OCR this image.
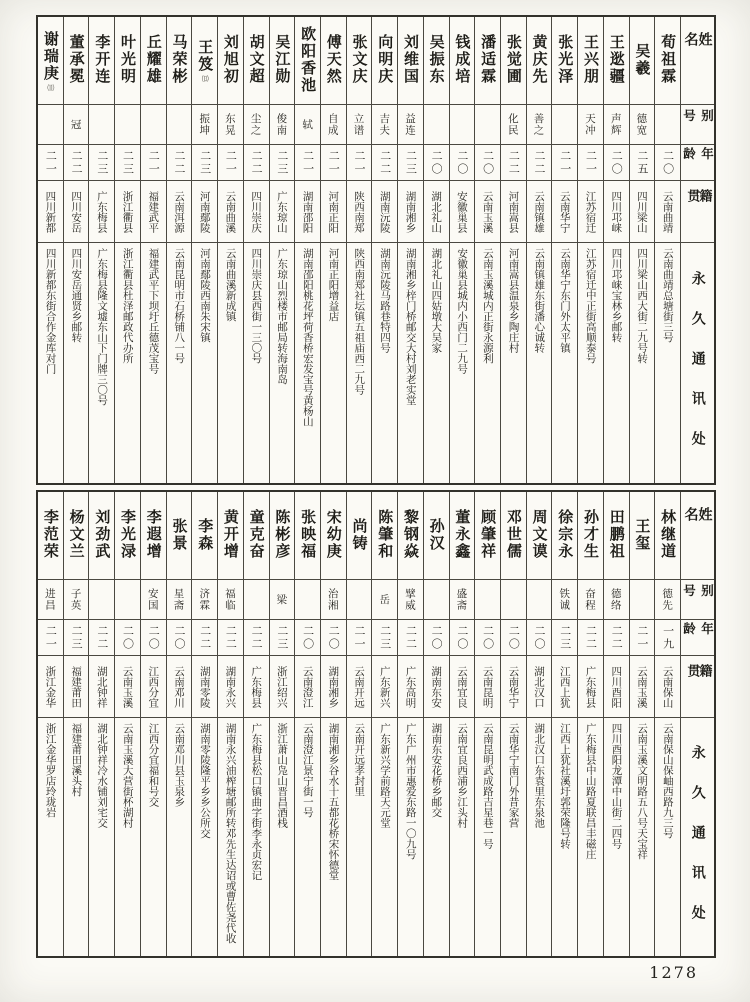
姓名
别号
年龄
籍贯
永久通讯处
荀祖霖
二〇
云南曲靖
云南曲靖总塘街三号
吴羲
德宽
二五
四川梁山
四川梁山西大街二九号转
王逖疆
声辉
二〇
四川邛崃
四川邛崃宝林乡邮转
王兴朋
天冲
二一
江苏宿迁
江苏宿迁中正街高顺泰号
张光泽
二一
云南华宁
云南华宁东门外太平镇
黄庆先
善之
二二
云南镇雄
云南镇雄东街潘心诚转
张觉圃
化民
二二
河南嵩县
河南嵩县温泉乡陶庄村
潘适霖
二〇
云南玉溪
云南玉溪城内正街永源利
钱成培
二〇
安徽巢县
安徽巢县城内小西门二九号
吴振东
二〇
湖北礼山
湖北礼山四姑墩大吴家
刘维国
益连
二三
湖南湘乡
湖南湘乡梓门桥邮交大村刘老实堂
向明庆
吉夫
二二
湖南沅陵
湖南沅陵马路巷特四号
张文庆
立谱
二一
陕西南郑
陕西南郑社坛镇五祖庙西二九号
傅天然
自成
二一
河南正阳
河南正阳增益店
欧阳香池
轼
二一
湖南邵阳
湖南邵阳桃花坪荷香桥宏发宝号黄杨山
吴江勋
俊南
二三
广东琼山
广东琼山烈楼市邮局转海南岛
胡文超
尘之
二二
四川崇庆
四川崇庆县西街一三〇号
刘旭初
东晃
二一
云南曲溪
云南曲溪新成镇
王笈
⒀
振坤
二三
河南鄢陵
河南鄢陵西南朱宋镇
马荣彬
二二
云南洱源
云南昆明市石桥铺八一号
丘耀雄
二一
福建武平
福建武平下坝圩丘德茂宝号
叶光明
二三
浙江衢县
浙江衢县杜泽邮政代办所
李开连
二三
广东梅县
广东梅县隆文墟东山下门牌三〇号
董承冕
冠
二二
四川安岳
四川安岳通贤乡邮转
谢瑞庚
⑾
二一
四川新都
四川新都东街合作金库对门
姓名
别号
年龄
籍贯
永久通讯处
林继道
德先
一九
云南保山
云南保山保岫西路九三号
王玺
二一
云南玉溪
云南玉溪文明路五八号天宝祥
田鹏祖
德络
二二
四川酉阳
四川酉阳龙潭中山街二四号
孙才生
奋程
二二
广东梅县
广东梅县中山路夏联昌丰磁庄
徐宗永
铁诚
二三
江西上犹
江西上犹社溪圩郭荣隆号转
周文谟
二〇
湖北汉口
湖北汉口东袁里东泉池
邓世儒
二〇
云南华宁
云南华宁南门外昔家营
顾肇祥
二〇
云南昆明
云南昆明武成路吉星巷一号
董永鑫
盛斋
二〇
云南宜良
云南宜良西浦乡江头村
孙汉
二〇
湖南东安
湖南东安花桥乡邮交
黎钢焱
擘威
二二
广东高明
广东广州市惠爱东路一〇九号
陈肇和
岳
二三
广东新兴
广东新兴学前路天元堂
尚铸
二一
云南开远
云南开远孝封里
宋幼庚
治湘
二〇
湖南湘乡
湖南湘乡谷水十五都花桥宋怀德堂
张映福
二〇
云南澄江
云南澄江景宁街一号
陈彬彦
梁
二三
浙江绍兴
浙江萧山凫山晋昌酒栈
童克奋
二二
广东梅县
广东梅县松口镇曲字街李永贞宏记
黄开增
福临
二二
湖南永兴
湖南永兴油榨塘邮所转邓先生达诏或曹佐尧代收
李森
济霖
二二
湖南零陵
湖南零陵隆平乡乡公所交
张景
星斋
二〇
云南邓川
云南邓川县玉泉乡
李遐增
安国
二〇
江西分宜
江西分宜福和号交
李光渌
二〇
云南玉溪
云南玉溪大营街杯湖村
刘劲武
二二
湖北钟祥
湖北钟祥冷水铺刘宅交
杨文兰
子英
二三
福建莆田
福建莆田溪头村
李范荣
进昌
二一
浙江金华
浙江金华罗店玲珑岩
1278
